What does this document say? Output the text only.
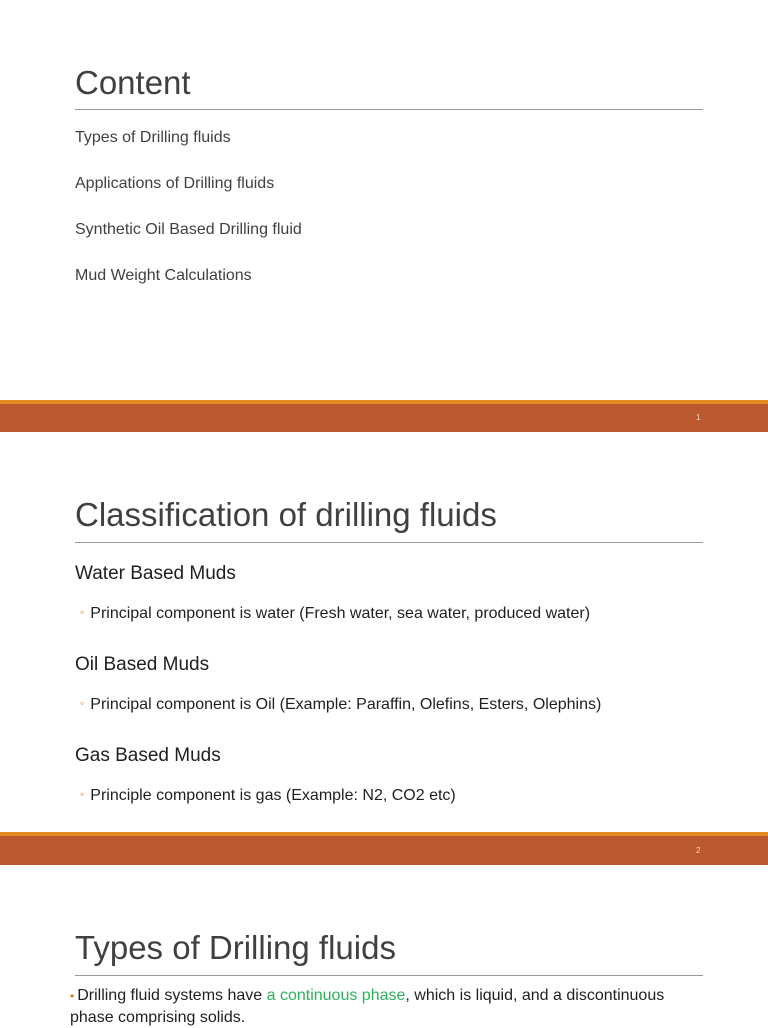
Content
Types of Drilling fluids
Applications of Drilling fluids
Synthetic Oil Based Drilling fluid
Mud Weight Calculations
1
Classification of drilling fluids
Water Based Muds
◦ Principal component is water (Fresh water, sea water, produced water)
Oil Based Muds
◦ Principal component is Oil (Example: Paraffin, Olefins, Esters, Olephins)
Gas Based Muds
◦ Principle component is gas (Example: N2, CO2 etc)
2
Types of Drilling fluids
• Drilling fluid systems have a continuous phase, which is liquid, and a discontinuous phase comprising solids.
